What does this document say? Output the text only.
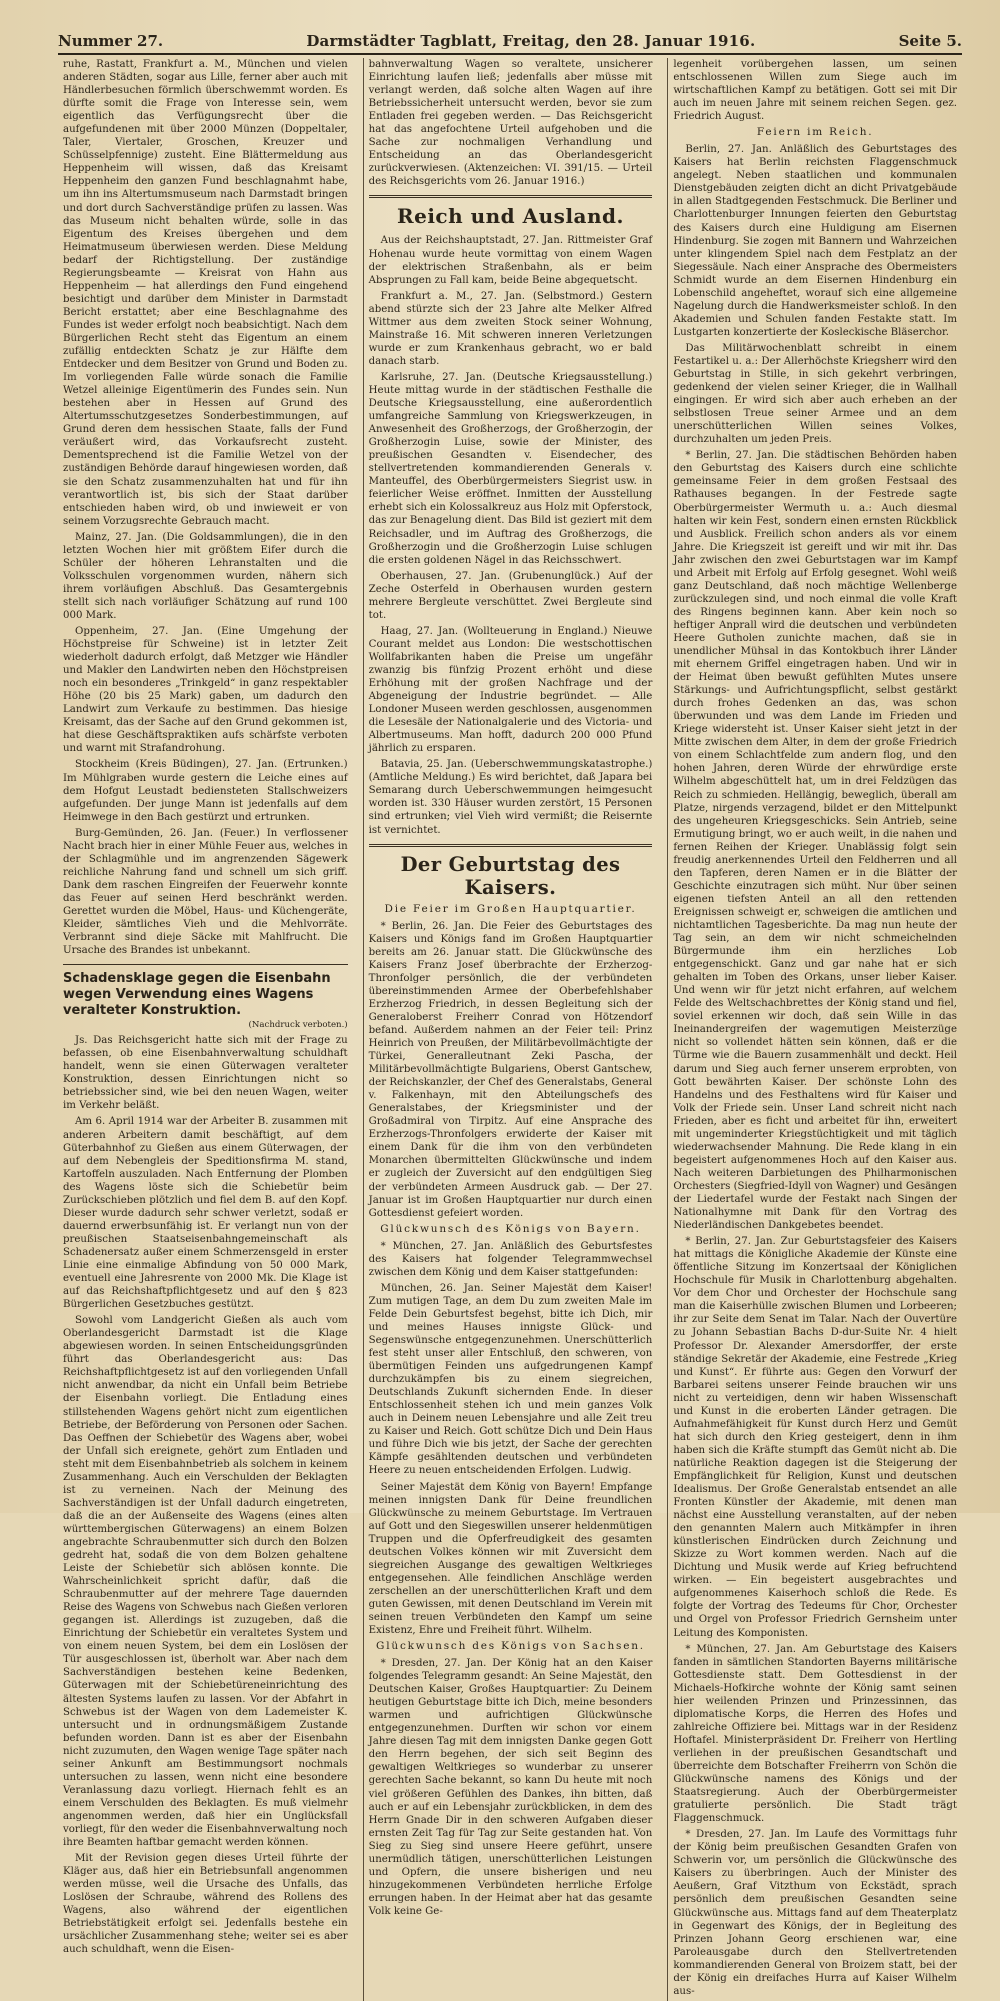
Nummer 27.	Darmstädter Tagblatt, Freitag, den 28. Januar 1916.	Seite 5.

ruhe, Rastatt, Frankfurt a. M., München und vielen anderen Städten, sogar aus Lille, ferner aber auch mit Händlerbesuchen förmlich überschwemmt worden. Es dürfte somit die Frage von Interesse sein, wem eigentlich das Verfügungsrecht über die aufgefundenen mit über 2000 Münzen (Doppeltaler, Taler, Viertaler, Groschen, Kreuzer und Schüsselpfennige) zusteht. Eine Blättermeldung aus Heppenheim will wissen, daß das Kreisamt Heppenheim den ganzen Fund beschlagnahmt habe, um ihn ins Altertumsmuseum nach Darmstadt bringen und dort durch Sachverständige prüfen zu lassen. Was das Museum nicht behalten würde, solle in das Eigentum des Kreises übergehen und dem Heimatmuseum überwiesen werden. Diese Meldung bedarf der Richtigstellung. Der zuständige Regierungsbeamte — Kreisrat von Hahn aus Heppenheim — hat allerdings den Fund eingehend besichtigt und darüber dem Minister in Darmstadt Bericht erstattet; aber eine Beschlagnahme des Fundes ist weder erfolgt noch beabsichtigt. Nach dem Bürgerlichen Recht steht das Eigentum an einem zufällig entdeckten Schatz je zur Hälfte dem Entdecker und dem Besitzer von Grund und Boden zu. Im vorliegenden Falle würde sonach die Familie Wetzel alleinige Eigentümerin des Fundes sein. Nun bestehen aber in Hessen auf Grund des Altertumsschutzgesetzes Sonderbestimmungen, auf Grund deren dem hessischen Staate, falls der Fund veräußert wird, das Vorkaufsrecht zusteht. Dementsprechend ist die Familie Wetzel von der zuständigen Behörde darauf hingewiesen worden, daß sie den Schatz zusammenzuhalten hat und für ihn verantwortlich ist, bis sich der Staat darüber entschieden haben wird, ob und inwieweit er von seinem Vorzugsrechte Gebrauch macht.

Mainz, 27. Jan. (Die Goldsammlungen), die in den letzten Wochen hier mit größtem Eifer durch die Schüler der höheren Lehranstalten und die Volksschulen vorgenommen wurden, nähern sich ihrem vorläufigen Abschluß. Das Gesamtergebnis stellt sich nach vorläufiger Schätzung auf rund 100 000 Mark.

Oppenheim, 27. Jan. (Eine Umgehung der Höchstpreise für Schweine) ist in letzter Zeit wiederholt dadurch erfolgt, daß Metzger wie Händler und Makler den Landwirten neben den Höchstpreisen noch ein besonderes „Trinkgeld“ in ganz respektabler Höhe (20 bis 25 Mark) gaben, um dadurch den Landwirt zum Verkaufe zu bestimmen. Das hiesige Kreisamt, das der Sache auf den Grund gekommen ist, hat diese Geschäftspraktiken aufs schärfste verboten und warnt mit Strafandrohung.

Stockheim (Kreis Büdingen), 27. Jan. (Ertrunken.) Im Mühlgraben wurde gestern die Leiche eines auf dem Hofgut Leustadt bediensteten Stallschweizers aufgefunden. Der junge Mann ist jedenfalls auf dem Heimwege in den Bach gestürzt und ertrunken.

Burg-Gemünden, 26. Jan. (Feuer.) In verflossener Nacht brach hier in einer Mühle Feuer aus, welches in der Schlagmühle und im angrenzenden Sägewerk reichliche Nahrung fand und schnell um sich griff. Dank dem raschen Eingreifen der Feuerwehr konnte das Feuer auf seinen Herd beschränkt werden. Gerettet wurden die Möbel, Haus- und Küchengeräte, Kleider, sämtliches Vieh und die Mehlvorräte. Verbrannt sind dieje Säcke mit Mahlfrucht. Die Ursache des Brandes ist unbekannt.

Schadensklage gegen die Eisenbahn wegen Verwendung eines Wagens veralteter Konstruktion.
(Nachdruck verboten.)

Js. Das Reichsgericht hatte sich mit der Frage zu befassen, ob eine Eisenbahnverwaltung schuldhaft handelt, wenn sie einen Güterwagen veralteter Konstruktion, dessen Einrichtungen nicht so betriebssicher sind, wie bei den neuen Wagen, weiter im Verkehr beläßt.

Am 6. April 1914 war der Arbeiter B. zusammen mit anderen Arbeitern damit beschäftigt, auf dem Güterbahnhof zu Gießen aus einem Güterwagen, der auf dem Nebengleis der Speditionsfirma M. stand, Kartoffeln auszuladen. Nach Entfernung der Plomben des Wagens löste sich die Schiebetür beim Zurückschieben plötzlich und fiel dem B. auf den Kopf. Dieser wurde dadurch sehr schwer verletzt, sodaß er dauernd erwerbsunfähig ist. Er verlangt nun von der preußischen Staatseisenbahngemeinschaft als Schadenersatz außer einem Schmerzensgeld in erster Linie eine einmalige Abfindung von 50 000 Mark, eventuell eine Jahresrente von 2000 Mk. Die Klage ist auf das Reichshaftpflichtgesetz und auf den § 823 Bürgerlichen Gesetzbuches gestützt.

Sowohl vom Landgericht Gießen als auch vom Oberlandesgericht Darmstadt ist die Klage abgewiesen worden. In seinen Entscheidungsgründen führt das Oberlandesgericht aus: Das Reichshaftpflichtgesetz ist auf den vorliegenden Unfall nicht anwendbar, da nicht ein Unfall beim Betriebe der Eisenbahn vorliegt. Die Entladung eines stillstehenden Wagens gehört nicht zum eigentlichen Betriebe, der Beförderung von Personen oder Sachen. Das Oeffnen der Schiebetür des Wagens aber, wobei der Unfall sich ereignete, gehört zum Entladen und steht mit dem Eisenbahnbetrieb als solchem in keinem Zusammenhang. Auch ein Verschulden der Beklagten ist zu verneinen. Nach der Meinung des Sachverständigen ist der Unfall dadurch eingetreten, daß die an der Außenseite des Wagens (eines alten württembergischen Güterwagens) an einem Bolzen angebrachte Schraubenmutter sich durch den Bolzen gedreht hat, sodaß die von dem Bolzen gehaltene Leiste der Schiebetür sich ablösen konnte. Die Wahrscheinlichkeit spricht dafür, daß die Schraubenmutter auf der mehrere Tage dauernden Reise des Wagens von Schwebus nach Gießen verloren gegangen ist. Allerdings ist zuzugeben, daß die Einrichtung der Schiebetür ein veraltetes System und von einem neuen System, bei dem ein Loslösen der Tür ausgeschlossen ist, überholt war. Aber nach dem Sachverständigen bestehen keine Bedenken, Güterwagen mit der Schiebetüreneinrichtung des ältesten Systems laufen zu lassen. Vor der Abfahrt in Schwebus ist der Wagen von dem Lademeister K. untersucht und in ordnungsmäßigem Zustande befunden worden. Dann ist es aber der Eisenbahn nicht zuzumuten, den Wagen wenige Tage später nach seiner Ankunft am Bestimmungsort nochmals untersuchen zu lassen, wenn nicht eine besondere Veranlassung dazu vorliegt. Hiernach fehlt es an einem Verschulden des Beklagten. Es muß vielmehr angenommen werden, daß hier ein Unglücksfall vorliegt, für den weder die Eisenbahnverwaltung noch ihre Beamten haftbar gemacht werden können.

Mit der Revision gegen dieses Urteil führte der Kläger aus, daß hier ein Betriebsunfall angenommen werden müsse, weil die Ursache des Unfalls, das Loslösen der Schraube, während des Rollens des Wagens, also während der eigentlichen Betriebstätigkeit erfolgt sei. Jedenfalls bestehe ein ursächlicher Zusammenhang stehe; weiter sei es aber auch schuldhaft, wenn die Eisen-

bahnverwaltung Wagen so veraltete, unsicherer Einrichtung laufen ließ; jedenfalls aber müsse mit verlangt werden, daß solche alten Wagen auf ihre Betriebssicherheit untersucht werden, bevor sie zum Entladen frei gegeben werden. — Das Reichsgericht hat das angefochtene Urteil aufgehoben und die Sache zur nochmaligen Verhandlung und Entscheidung an das Oberlandesgericht zurückverwiesen. (Aktenzeichen: VI. 391/15. — Urteil des Reichsgerichts vom 26. Januar 1916.)

Reich und Ausland.

Aus der Reichshauptstadt, 27. Jan. Rittmeister Graf Hohenau wurde heute vormittag von einem Wagen der elektrischen Straßenbahn, als er beim Absprungen zu Fall kam, beide Beine abgequetscht.

Frankfurt a. M., 27. Jan. (Selbstmord.) Gestern abend stürzte sich der 23 Jahre alte Melker Alfred Wittmer aus dem zweiten Stock seiner Wohnung, Mainstraße 16. Mit schweren inneren Verletzungen wurde er zum Krankenhaus gebracht, wo er bald danach starb.

Karlsruhe, 27. Jan. (Deutsche Kriegsausstellung.) Heute mittag wurde in der städtischen Festhalle die Deutsche Kriegsausstellung, eine außerordentlich umfangreiche Sammlung von Kriegswerkzeugen, in Anwesenheit des Großherzogs, der Großherzogin, der Großherzogin Luise, sowie der Minister, des preußischen Gesandten v. Eisendecher, des stellvertretenden kommandierenden Generals v. Manteuffel, des Oberbürgermeisters Siegrist usw. in feierlicher Weise eröffnet. Inmitten der Ausstellung erhebt sich ein Kolossalkreuz aus Holz mit Opferstock, das zur Benagelung dient. Das Bild ist geziert mit dem Reichsadler, und im Auftrag des Großherzogs, die Großherzogin und die Großherzogin Luise schlugen die ersten goldenen Nägel in das Reichsschwert.

Oberhausen, 27. Jan. (Grubenunglück.) Auf der Zeche Osterfeld in Oberhausen wurden gestern mehrere Bergleute verschüttet. Zwei Bergleute sind tot.

Haag, 27. Jan. (Wollteuerung in England.) Nieuwe Courant meldet aus London: Die westschottischen Wollfabrikanten haben die Preise um ungefähr zwanzig bis fünfzig Prozent erhöht und diese Erhöhung mit der großen Nachfrage und der Abgeneigung der Industrie begründet. — Alle Londoner Museen werden geschlossen, ausgenommen die Lesesäle der Nationalgalerie und des Victoria- und Albertmuseums. Man hofft, dadurch 200 000 Pfund jährlich zu ersparen.

Batavia, 25. Jan. (Ueberschwemmungskatastrophe.) (Amtliche Meldung.) Es wird berichtet, daß Japara bei Semarang durch Ueberschwemmungen heimgesucht worden ist. 330 Häuser wurden zerstört, 15 Personen sind ertrunken; viel Vieh wird vermißt; die Reisernte ist vernichtet.

Der Geburtstag des Kaisers.
Die Feier im Großen Hauptquartier.

* Berlin, 26. Jan. Die Feier des Geburtstages des Kaisers und Königs fand im Großen Hauptquartier bereits am 26. Januar statt. Die Glückwünsche des Kaisers Franz Josef überbrachte der Erzherzog-Thronfolger persönlich, die der verbündeten übereinstimmenden Armee der Oberbefehlshaber Erzherzog Friedrich, in dessen Begleitung sich der Generaloberst Freiherr Conrad von Hötzendorf befand. Außerdem nahmen an der Feier teil: Prinz Heinrich von Preußen, der Militärbevollmächtigte der Türkei, Generalleutnant Zeki Pascha, der Militärbevollmächtigte Bulgariens, Oberst Gantschew, der Reichskanzler, der Chef des Generalstabs, General v. Falkenhayn, mit den Abteilungschefs des Generalstabes, der Kriegsminister und der Großadmiral von Tirpitz. Auf eine Ansprache des Erzherzogs-Thronfolgers erwiderte der Kaiser mit einem Dank für die ihm von den verbündeten Monarchen übermittelten Glückwünsche und indem er zugleich der Zuversicht auf den endgültigen Sieg der verbündeten Armeen Ausdruck gab. — Der 27. Januar ist im Großen Hauptquartier nur durch einen Gottesdienst gefeiert worden.

Glückwunsch des Königs von Bayern.

* München, 27. Jan. Anläßlich des Geburtsfestes des Kaisers hat folgender Telegrammwechsel zwischen dem König und dem Kaiser stattgefunden:

München, 26. Jan. Seiner Majestät dem Kaiser! Zum mutigen Tage, an dem Du zum zweiten Male im Felde Dein Geburtsfest begehst, bitte ich Dich, mir und meines Hauses innigste Glück- und Segenswünsche entgegenzunehmen. Unerschütterlich fest steht unser aller Entschluß, den schweren, von übermütigen Feinden uns aufgedrungenen Kampf durchzukämpfen bis zu einem siegreichen, Deutschlands Zukunft sichernden Ende. In dieser Entschlossenheit stehen ich und mein ganzes Volk auch in Deinem neuen Lebensjahre und alle Zeit treu zu Kaiser und Reich. Gott schütze Dich und Dein Haus und führe Dich wie bis jetzt, der Sache der gerechten Kämpfe gesähltenden deutschen und verbündeten Heere zu neuen entscheidenden Erfolgen. Ludwig.

Seiner Majestät dem König von Bayern! Empfange meinen innigsten Dank für Deine freundlichen Glückwünsche zu meinem Geburtstage. Im Vertrauen auf Gott und den Siegeswillen unserer heldenmütigen Truppen und die Opferfreudigkeit des gesamten deutschen Volkes können wir mit Zuversicht dem siegreichen Ausgange des gewaltigen Weltkrieges entgegensehen. Alle feindlichen Anschläge werden zerschellen an der unerschütterlichen Kraft und dem guten Gewissen, mit denen Deutschland im Verein mit seinen treuen Verbündeten den Kampf um seine Existenz, Ehre und Freiheit führt. Wilhelm.

Glückwunsch des Königs von Sachsen.

* Dresden, 27. Jan. Der König hat an den Kaiser folgendes Telegramm gesandt: An Seine Majestät, den Deutschen Kaiser, Großes Hauptquartier: Zu Deinem heutigen Geburtstage bitte ich Dich, meine besonders warmen und aufrichtigen Glückwünsche entgegenzunehmen. Durften wir schon vor einem Jahre diesen Tag mit dem innigsten Danke gegen Gott den Herrn begehen, der sich seit Beginn des gewaltigen Weltkrieges so wunderbar zu unserer gerechten Sache bekannt, so kann Du heute mit noch viel größeren Gefühlen des Dankes, ihn bitten, daß auch er auf ein Lebensjahr zurückblicken, in dem des Herrn Gnade Dir in den schweren Aufgaben dieser ernsten Zeit Tag für Tag zur Seite gestanden hat. Von Sieg zu Sieg sind unsere Heere geführt, unsere unermüdlich tätigen, unerschütterlichen Leistungen und Opfern, die unsere bisherigen und neu hinzugekommenen Verbündeten herrliche Erfolge errungen haben. In der Heimat aber hat das gesamte Volk keine Ge-

legenheit vorübergehen lassen, um seinen entschlossenen Willen zum Siege auch im wirtschaftlichen Kampf zu betätigen. Gott sei mit Dir auch im neuen Jahre mit seinem reichen Segen. gez. Friedrich August.

Feiern im Reich.

Berlin, 27. Jan. Anläßlich des Geburtstages des Kaisers hat Berlin reichsten Flaggenschmuck angelegt. Neben staatlichen und kommunalen Dienstgebäuden zeigten dicht an dicht Privatgebäude in allen Stadtgegenden Festschmuck. Die Berliner und Charlottenburger Innungen feierten den Geburtstag des Kaisers durch eine Huldigung am Eisernen Hindenburg. Sie zogen mit Bannern und Wahrzeichen unter klingendem Spiel nach dem Festplatz an der Siegessäule. Nach einer Ansprache des Obermeisters Schmidt wurde an dem Eisernen Hindenburg ein Lobenschild angeheftet, worauf sich eine allgemeine Nagelung durch die Handwerksmeister schloß. In den Akademien und Schulen fanden Festakte statt. Im Lustgarten konzertierte der Kosleckische Bläserchor.

Das Militärwochenblatt schreibt in einem Festartikel u. a.: Der Allerhöchste Kriegsherr wird den Geburtstag in Stille, in sich gekehrt verbringen, gedenkend der vielen seiner Krieger, die in Wallhall eingingen. Er wird sich aber auch erheben an der selbstlosen Treue seiner Armee und an dem unerschütterlichen Willen seines Volkes, durchzuhalten um jeden Preis.

* Berlin, 27. Jan. Die städtischen Behörden haben den Geburtstag des Kaisers durch eine schlichte gemeinsame Feier in dem großen Festsaal des Rathauses begangen. In der Festrede sagte Oberbürgermeister Wermuth u. a.: Auch diesmal halten wir kein Fest, sondern einen ernsten Rückblick und Ausblick. Freilich schon anders als vor einem Jahre. Die Kriegszeit ist gereift und wir mit ihr. Das Jahr zwischen den zwei Geburtstagen war im Kampf und Arbeit mit Erfolg auf Erfolg gesegnet. Wohl weiß ganz Deutschland, daß noch mächtige Wellenberge zurückzulegen sind, und noch einmal die volle Kraft des Ringens beginnen kann. Aber kein noch so heftiger Anprall wird die deutschen und verbündeten Heere Gutholen zunichte machen, daß sie in unendlicher Mühsal in das Kontokbuch ihrer Länder mit ehernem Griffel eingetragen haben. Und wir in der Heimat üben bewußt gefühlten Mutes unsere Stärkungs- und Aufrichtungspflicht, selbst gestärkt durch frohes Gedenken an das, was schon überwunden und was dem Lande im Frieden und Kriege widersteht ist. Unser Kaiser sieht jetzt in der Mitte zwischen dem Alter, in dem der große Friedrich von einem Schlachtfelde zum andern flog, und den hohen Jahren, deren Würde der ehrwürdige erste Wilhelm abgeschüttelt hat, um in drei Feldzügen das Reich zu schmieden. Hellängig, beweglich, überall am Platze, nirgends verzagend, bildet er den Mittelpunkt des ungeheuren Kriegsgeschicks. Sein Antrieb, seine Ermutigung bringt, wo er auch weilt, in die nahen und fernen Reihen der Krieger. Unablässig folgt sein freudig anerkennendes Urteil den Feldherren und all den Tapferen, deren Namen er in die Blätter der Geschichte einzutragen sich müht. Nur über seinen eigenen tiefsten Anteil an all den rettenden Ereignissen schweigt er, schweigen die amtlichen und nichtamtlichen Tagesberichte. Da mag nun heute der Tag sein, an dem wir nicht schmeichelnden Bürgermunde ihm ein herzliches Lob entgegenschickt. Ganz und gar nahe hat er sich gehalten im Toben des Orkans, unser lieber Kaiser. Und wenn wir für jetzt nicht erfahren, auf welchem Felde des Weltschachbrettes der König stand und fiel, soviel erkennen wir doch, daß sein Wille in das Ineinandergreifen der wagemutigen Meisterzüge nicht so vollendet hätten sein können, daß er die Türme wie die Bauern zusammenhält und deckt. Heil darum und Sieg auch ferner unserem erprobten, von Gott bewährten Kaiser. Der schönste Lohn des Handelns und des Festhaltens wird für Kaiser und Volk der Friede sein. Unser Land schreit nicht nach Frieden, aber es ficht und arbeitet für ihn, erweitert mit ungeminderter Kriegstüchtigkeit und mit täglich wiederwachsender Mahnung. Die Rede klang in ein begeistert aufgenommenes Hoch auf den Kaiser aus. Nach weiteren Darbietungen des Philharmonischen Orchesters (Siegfried-Idyll von Wagner) und Gesängen der Liedertafel wurde der Festakt nach Singen der Nationalhymne mit Dank für den Vortrag des Niederländischen Dankgebetes beendet.

* Berlin, 27. Jan. Zur Geburtstagsfeier des Kaisers hat mittags die Königliche Akademie der Künste eine öffentliche Sitzung im Konzertsaal der Königlichen Hochschule für Musik in Charlottenburg abgehalten. Vor dem Chor und Orchester der Hochschule sang man die Kaiserhülle zwischen Blumen und Lorbeeren; ihr zur Seite dem Senat im Talar. Nach der Ouvertüre zu Johann Sebastian Bachs D-dur-Suite Nr. 4 hielt Professor Dr. Alexander Amersdorffer, der erste ständige Sekretär der Akademie, eine Festrede „Krieg und Kunst“. Er führte aus: Gegen den Vorwurf der Barbarei seitens unserer Feinde brauchen wir uns nicht zu verteidigen, denn wir haben Wissenschaft und Kunst in die eroberten Länder getragen. Die Aufnahmefähigkeit für Kunst durch Herz und Gemüt hat sich durch den Krieg gesteigert, denn in ihm haben sich die Kräfte stumpft das Gemüt nicht ab. Die natürliche Reaktion dagegen ist die Steigerung der Empfänglichkeit für Religion, Kunst und deutschen Idealismus. Der Große Generalstab entsendet an alle Fronten Künstler der Akademie, mit denen man nächst eine Ausstellung veranstalten, auf der neben den genannten Malern auch Mitkämpfer in ihren künstlerischen Eindrücken durch Zeichnung und Skizze zu Wort kommen werden. Nach auf die Dichtung und Musik werde auf Krieg befruchtend wirken. — Ein begeistert ausgebrachtes und aufgenommenes Kaiserhoch schloß die Rede. Es folgte der Vortrag des Tedeums für Chor, Orchester und Orgel von Professor Friedrich Gernsheim unter Leitung des Komponisten.

* München, 27. Jan. Am Geburtstage des Kaisers fanden in sämtlichen Standorten Bayerns militärische Gottesdienste statt. Dem Gottesdienst in der Michaels-Hofkirche wohnte der König samt seinen hier weilenden Prinzen und Prinzessinnen, das diplomatische Korps, die Herren des Hofes und zahlreiche Offiziere bei. Mittags war in der Residenz Hoftafel. Ministerpräsident Dr. Freiherr von Hertling verliehen in der preußischen Gesandtschaft und überreichte dem Botschafter Freiherrn von Schön die Glückwünsche namens des Königs und der Staatsregierung. Auch der Oberbürgermeister gratulierte persönlich. Die Stadt trägt Flaggenschmuck.

* Dresden, 27. Jan. Im Laufe des Vormittags fuhr der König beim preußischen Gesandten Grafen von Schwerin vor, um persönlich die Glückwünsche des Kaisers zu überbringen. Auch der Minister des Aeußern, Graf Vitzthum von Eckstädt, sprach persönlich dem preußischen Gesandten seine Glückwünsche aus. Mittags fand auf dem Theaterplatz in Gegenwart des Königs, der in Begleitung des Prinzen Johann Georg erschienen war, eine Paroleausgabe durch den Stellvertretenden kommandierenden General von Broizem statt, bei der der König ein dreifaches Hurra auf Kaiser Wilhelm aus-
